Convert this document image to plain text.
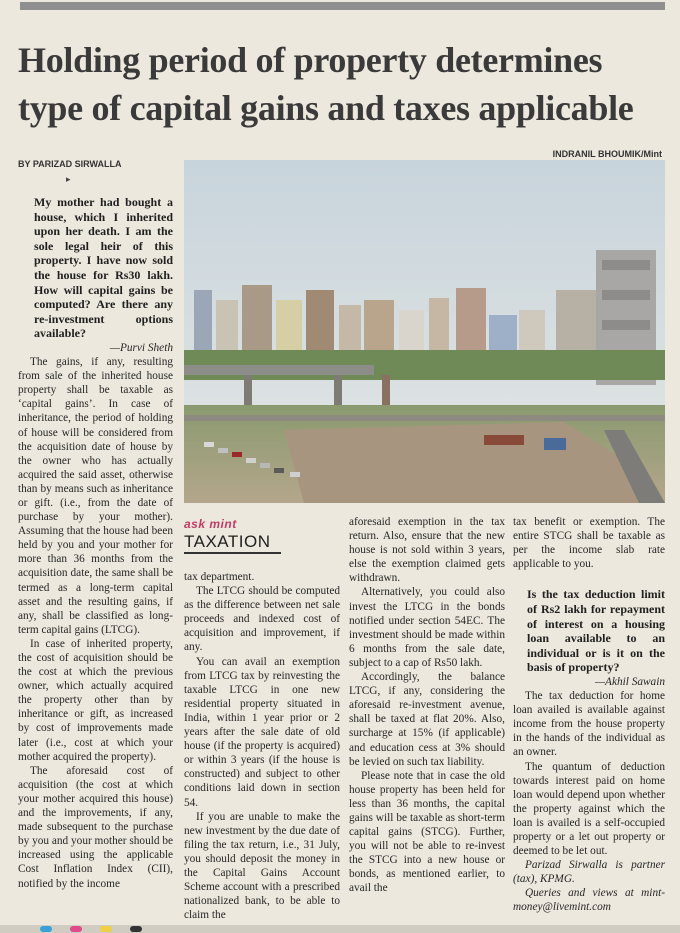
Holding period of property determines type of capital gains and taxes applicable
BY PARIZAD SIRWALLA
INDRANIL BHOUMIK/Mint
▸

My mother had bought a house, which I inherited upon her death. I am the sole legal heir of this property. I have now sold the house for Rs30 lakh. How will capital gains be computed? Are there any re-investment options available?

—Purvi Sheth

The gains, if any, resulting from sale of the inherited house property shall be taxable as ‘capital gains’. In case of inheritance, the period of holding of house will be considered from the acquisition date of house by the owner who has actually acquired the said asset, otherwise than by means such as inheritance or gift. (i.e., from the date of purchase by your mother). Assuming that the house had been held by you and your mother for more than 36 months from the acquisition date, the same shall be termed as a long-term capital asset and the resulting gains, if any, shall be classified as long-term capital gains (LTCG).

In case of inherited property, the cost of acquisition should be the cost at which the previous owner, which actually acquired the property other than by inheritance or gift, as increased by cost of improvements made later (i.e., cost at which your mother acquired the property).

The aforesaid cost of acquisition (the cost at which your mother acquired this house) and the improvements, if any, made subsequent to the purchase by you and your mother should be increased using the applicable Cost Inflation Index (CII), notified by the income

ask mint
TAXATION

tax department.

The LTCG should be computed as the difference between net sale proceeds and indexed cost of acquisition and improvement, if any.

You can avail an exemption from LTCG tax by reinvesting the taxable LTCG in one new residential property situated in India, within 1 year prior or 2 years after the sale date of old house (if the property is acquired) or within 3 years (if the house is constructed) and subject to other conditions laid down in section 54.

If you are unable to make the new investment by the due date of filing the tax return, i.e., 31 July, you should deposit the money in the Capital Gains Account Scheme account with a prescribed nationalized bank, to be able to claim the

aforesaid exemption in the tax return. Also, ensure that the new house is not sold within 3 years, else the exemption claimed gets withdrawn.

Alternatively, you could also invest the LTCG in the bonds notified under section 54EC. The investment should be made within 6 months from the sale date, subject to a cap of Rs50 lakh.

Accordingly, the balance LTCG, if any, considering the aforesaid re-investment avenue, shall be taxed at flat 20%. Also, surcharge at 15% (if applicable) and education cess at 3% should be levied on such tax liability.

Please note that in case the old house property has been held for less than 36 months, the capital gains will be taxable as short-term capital gains (STCG). Further, you will not be able to re-invest the STCG into a new house or bonds, as mentioned earlier, to avail the

tax benefit or exemption. The entire STCG shall be taxable as per the income slab rate applicable to you.

Is the tax deduction limit of Rs2 lakh for repayment of interest on a housing loan available to an individual or is it on the basis of property?

—Akhil Sawain

The tax deduction for home loan availed is available against income from the house property in the hands of the individual as an owner.

The quantum of deduction towards interest paid on home loan would depend upon whether the property against which the loan is availed is a self-occupied property or a let out property or deemed to be let out.

Parizad Sirwalla is partner (tax), KPMG.

Queries and views at mint-money@livemint.com
